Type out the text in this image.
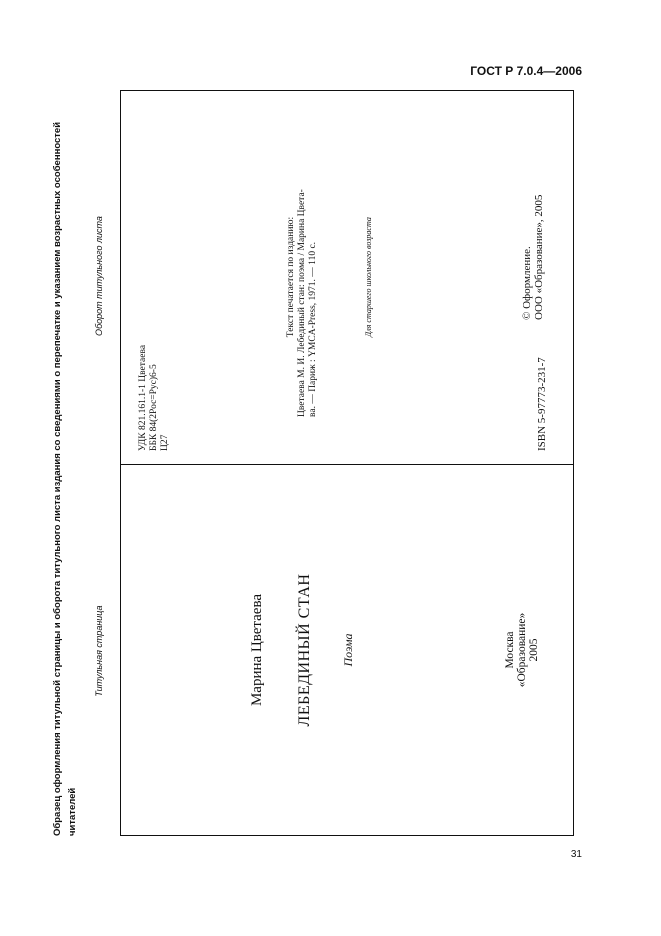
ГОСТ Р 7.0.4—2006
Образец оформления титульной страницы и оборота титульного листа издания со сведениями о перепечатке и указанием возрастных особенностей читателей
Титульная страница
Оборот титульного листа
Марина Цветаева ЛЕБЕДИНЫЙ СТАН Поэма	Москва «Образование» 2005
УДК 821.161.1-1 Цветаева ББК 84(2Рос=Рус)6-5 Ц27
Текст печатается по изданию: Цветаева М. И. Лебединый стан: поэма / Марина Цвета- ва. — Париж : YMCA-Press, 1971. — 110 с.	Для старшего школьного возраста
ISBN 5-97773-231-7
© Оформление. ООО «Образование», 2005
31
